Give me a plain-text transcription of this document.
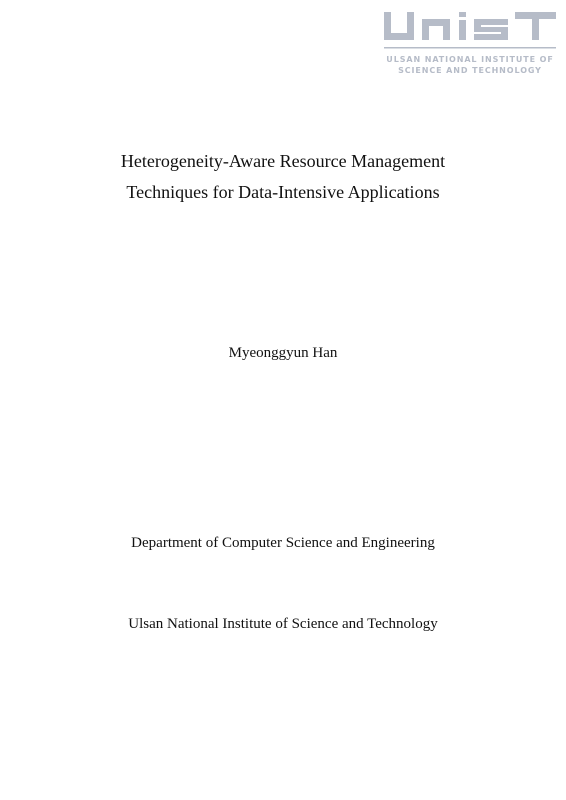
ULSAN NATIONAL INSTITUTE OF
SCIENCE AND TECHNOLOGY
Heterogeneity-Aware Resource Management
Techniques for Data-Intensive Applications
Myeonggyun Han
Department of Computer Science and Engineering
Ulsan National Institute of Science and Technology
